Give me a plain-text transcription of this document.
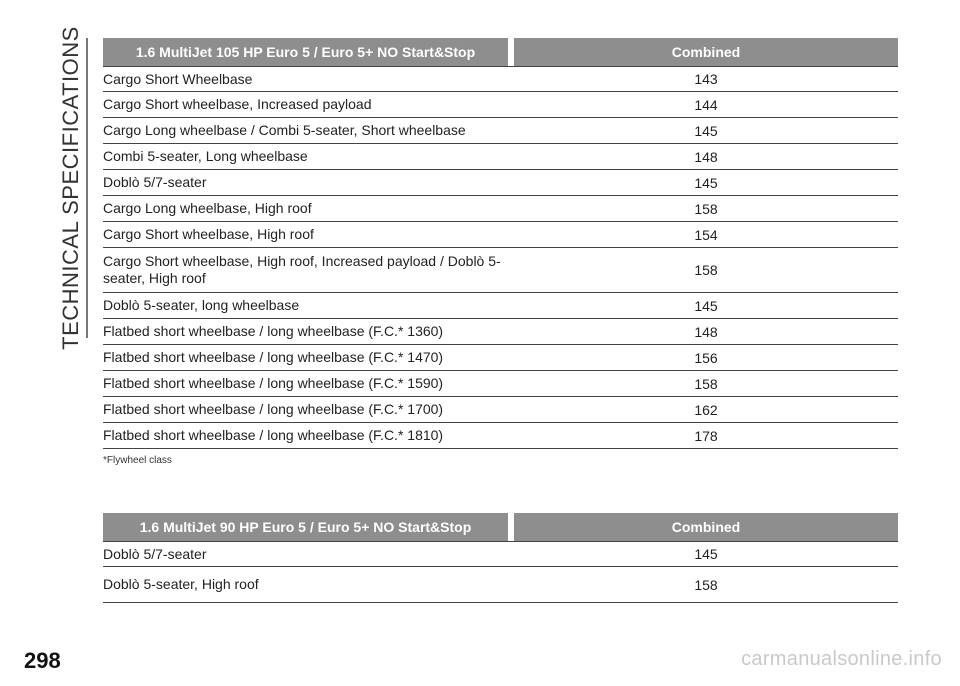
TECHNICAL SPECIFICATIONS	1.6 MultiJet 105 HP Euro 5 / Euro 5+ NO Start&Stop	Combined
Cargo Short Wheelbase	143
Cargo Short wheelbase, Increased payload	144
Cargo Long wheelbase / Combi 5-seater, Short wheelbase	145
Combi 5-seater, Long wheelbase	148
Doblò 5/7-seater	145
Cargo Long wheelbase, High roof	158
Cargo Short wheelbase, High roof	154
Cargo Short wheelbase, High roof, Increased payload / Doblò 5-seater, High roof	158
Doblò 5-seater, long wheelbase	145
Flatbed short wheelbase / long wheelbase (F.C.* 1360)	148
Flatbed short wheelbase / long wheelbase (F.C.* 1470)	156
Flatbed short wheelbase / long wheelbase (F.C.* 1590)	158
Flatbed short wheelbase / long wheelbase (F.C.* 1700)	162
Flatbed short wheelbase / long wheelbase (F.C.* 1810)	178
*Flywheel class
1.6 MultiJet 90 HP Euro 5 / Euro 5+ NO Start&Stop	Combined
Doblò 5/7-seater	145
Doblò 5-seater, High roof	158
298	carmanualsonline.info
